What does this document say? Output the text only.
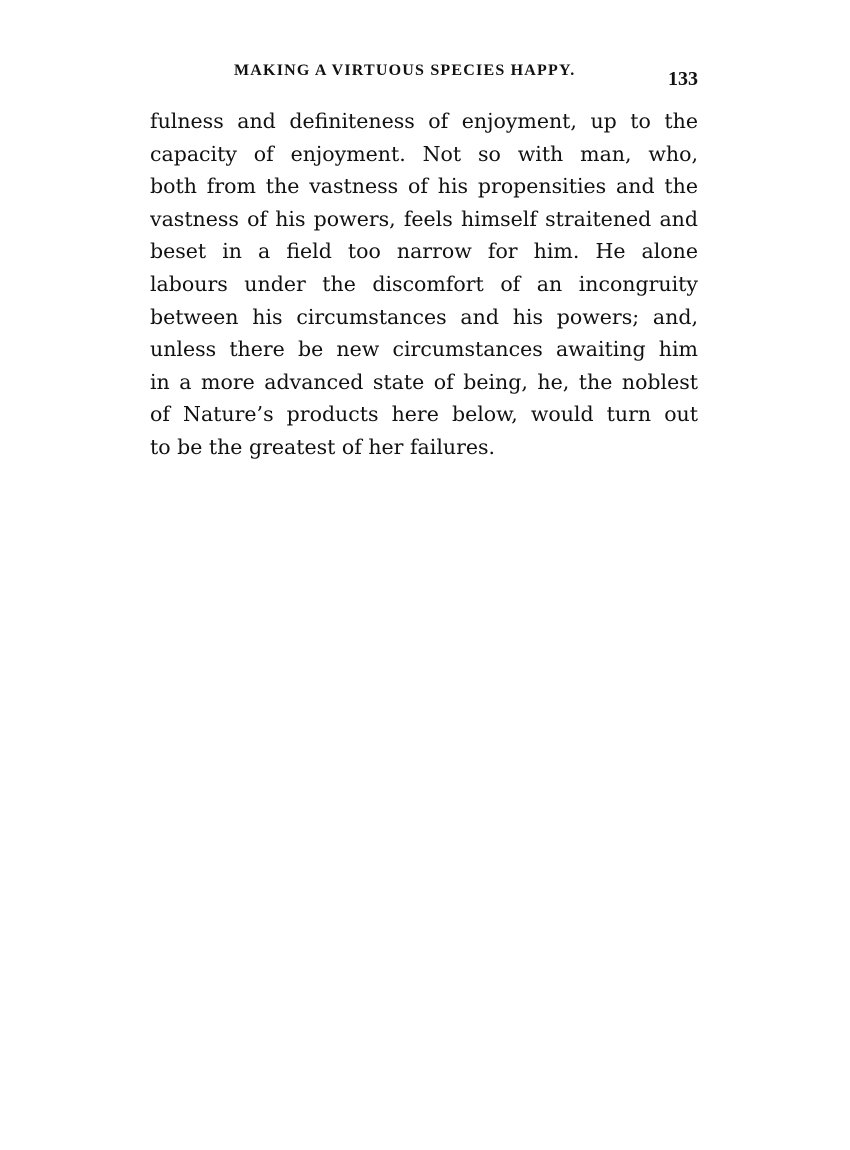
MAKING A VIRTUOUS SPECIES HAPPY.	133
fulness and definiteness of enjoyment, up to the
capacity of enjoyment. Not so with man, who,
both from the vastness of his propensities and the
vastness of his powers, feels himself straitened and
beset in a field too narrow for him. He alone
labours under the discomfort of an incongruity
between his circumstances and his powers; and,
unless there be new circumstances awaiting him
in a more advanced state of being, he, the noblest
of Nature’s products here below, would turn out
to be the greatest of her failures.
